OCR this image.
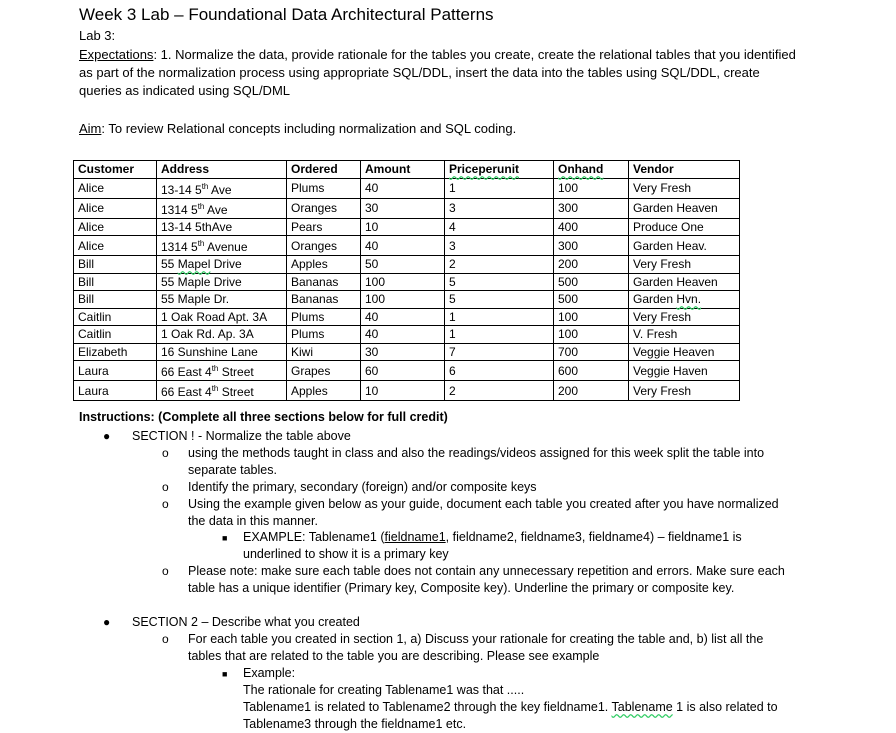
Week 3 Lab – Foundational Data Architectural Patterns
Lab 3:
Expectations: 1. Normalize the data, provide rationale for the tables you create, create the relational tables that you identified as part of the normalization process using appropriate SQL/DDL, insert the data into the tables using SQL/DDL, create queries as indicated using SQL/DML
Aim: To review Relational concepts including normalization and SQL coding.
Customer	Address	Ordered	Amount	Priceperunit	Onhand	Vendor
Alice	13-14 5th Ave	Plums	40	1	100	Very Fresh
Alice	1314 5th Ave	Oranges	30	3	300	Garden Heaven
Alice	13-14 5thAve	Pears	10	4	400	Produce One
Alice	1314 5th Avenue	Oranges	40	3	300	Garden Heav.
Bill	55 Mapel Drive	Apples	50	2	200	Very Fresh
Bill	55 Maple Drive	Bananas	100	5	500	Garden Heaven
Bill	55 Maple Dr.	Bananas	100	5	500	Garden Hvn.
Caitlin	1 Oak Road Apt. 3A	Plums	40	1	100	Very Fresh
Caitlin	1 Oak Rd. Ap. 3A	Plums	40	1	100	V. Fresh
Elizabeth	16 Sunshine Lane	Kiwi	30	7	700	Veggie Heaven
Laura	66 East 4th Street	Grapes	60	6	600	Veggie Haven
Laura	66 East 4th Street	Apples	10	2	200	Very Fresh
Instructions: (Complete all three sections below for full credit)
● SECTION ! - Normalize the table above
o using the methods taught in class and also the readings/videos assigned for this week split the table into separate tables.
o Identify the primary, secondary (foreign) and/or composite keys
o Using the example given below as your guide, document each table you created after you have normalized the data in this manner.
■ EXAMPLE: Tablename1 (fieldname1, fieldname2, fieldname3, fieldname4) – fieldname1 is underlined to show it is a primary key
o Please note: make sure each table does not contain any unnecessary repetition and errors. Make sure each table has a unique identifier (Primary key, Composite key). Underline the primary or composite key.
● SECTION 2 – Describe what you created
o For each table you created in section 1, a) Discuss your rationale for creating the table and, b) list all the tables that are related to the table you are describing. Please see example
■ Example:
The rationale for creating Tablename1 was that .....
Tablename1 is related to Tablename2 through the key fieldname1. Tablename 1 is also related to Tablename3 through the fieldname1 etc.
